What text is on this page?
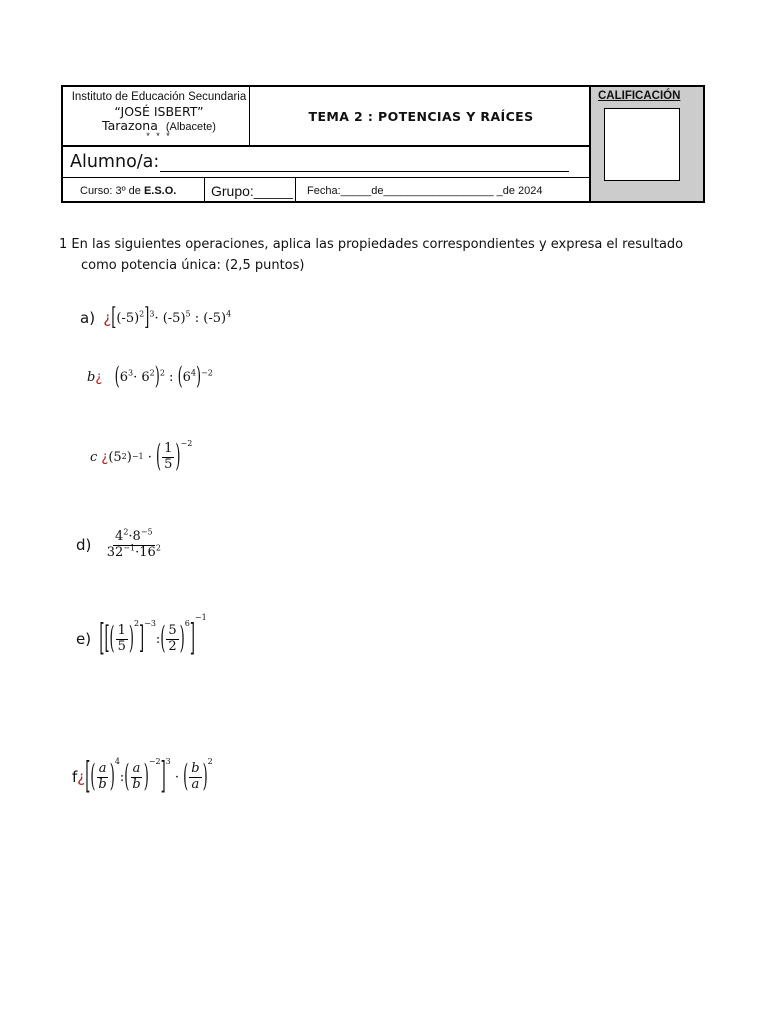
Instituto de Educación Secundaria
“JOSÉ ISBERT”
Tarazona (Albacete)
* * *
TEMA 2 : POTENCIAS Y RAÍCES
CALIFICACIÓN
Alumno/a:
Curso: 3º de E.S.O. Grupo:_____ Fecha:_____de__________________ _de 2024
1 En las siguientes operaciones, aplica las propiedades correspondientes y expresa el resultado
como potencia única: (2,5 puntos)
a)
¿ $[(-5)^2]^3\cdot (-5)^5$ : $(-5)^4$
b ¿
$(6^3\cdot 6^2)^2$ : $(6^4)^{-2}$
c
¿ (5 2 ) −1 · ( $\frac{1}{5}$ ) −2
d)
$\frac{4^2\cdot 8^{-5}}{32^{-1}\cdot 16^2}$
e)
[ [ ( $\frac{1}{5}$ ) 2 ] −3
: ( $\frac{5}{2}$ ) 6 ]
−1
f ¿ [ ( $\frac{a}{b}$ ) 4
: ( $\frac{a}{b}$ ) −2 ] 3
· ( $\frac{b}{a}$ ) 2
